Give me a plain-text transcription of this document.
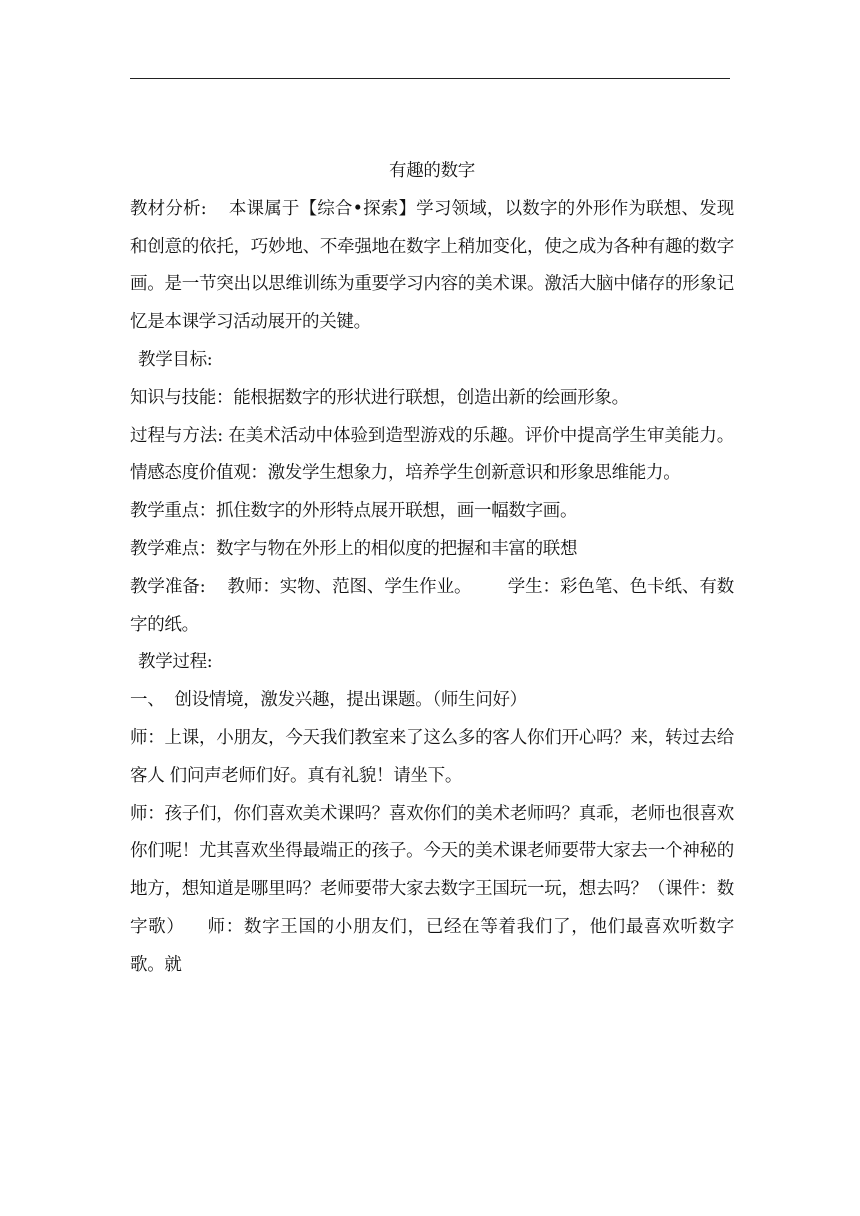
有趣的数字

教材分析: 本课属于【综合•探索】学习领域，以数字的外形作为联想、发现和创意的依托，巧妙地、不牵强地在数字上稍加变化，使之成为各种有趣的数字画。是一节突出以思维训练为重要学习内容的美术课。激活大脑中储存的形象记忆是本课学习活动展开的关键。

教学目标:

知识与技能：能根据数字的形状进行联想，创造出新的绘画形象。

过程与方法: 在美术活动中体验到造型游戏的乐趣。评价中提高学生审美能力。情感态度价值观：激发学生想象力，培养学生创新意识和形象思维能力。

教学重点：抓住数字的外形特点展开联想，画一幅数字画。

教学难点：数字与物在外形上的相似度的把握和丰富的联想

教学准备: 教师：实物、范图、学生作业。 学生：彩色笔、色卡纸、有数字的纸。

教学过程:

一、 创设情境，激发兴趣，提出课题。（师生问好）

师：上课，小朋友，今天我们教室来了这么多的客人你们开心吗？来，转过去给客人 们问声老师们好。真有礼貌！请坐下。

师：孩子们，你们喜欢美术课吗？喜欢你们的美术老师吗？真乖，老师也很喜欢你们呢！尤其喜欢坐得最端正的孩子。今天的美术课老师要带大家去一个神秘的地方，想知道是哪里吗？老师要带大家去数字王国玩一玩，想去吗？（课件：数字歌） 师：数字王国的小朋友们，已经在等着我们了，他们最喜欢听数字歌。就
